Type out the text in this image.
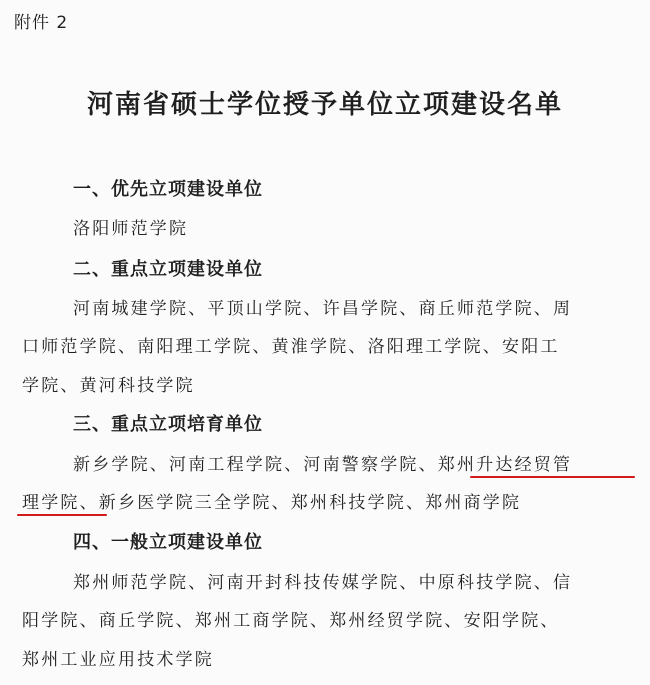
附件 2
河南省硕士学位授予单位立项建设名单
一、优先立项建设单位
洛阳师范学院
二、重点立项建设单位
河南城建学院、平顶山学院、许昌学院、商丘师范学院、周
口师范学院、南阳理工学院、黄淮学院、洛阳理工学院、安阳工
学院、黄河科技学院
三、重点立项培育单位
新乡学院、河南工程学院、河南警察学院、郑州升达经贸管
理学院、新乡医学院三全学院、郑州科技学院、郑州商学院
四、一般立项建设单位
郑州师范学院、河南开封科技传媒学院、中原科技学院、信
阳学院、商丘学院、郑州工商学院、郑州经贸学院、安阳学院、
郑州工业应用技术学院
